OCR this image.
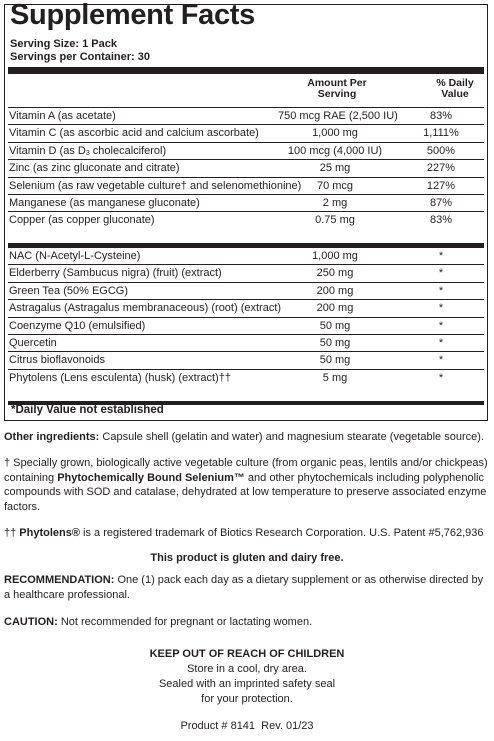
Supplement Facts
Serving Size: 1 Pack
Servings per Container: 30
Amount Per
Serving
% Daily
Value
Vitamin A (as acetate)	750 mcg RAE (2,500 IU)	83%
Vitamin C (as ascorbic acid and calcium ascorbate)	1,000 mg	1,111%
Vitamin D (as $D_3$ cholecalciferol)	100 mcg (4,000 IU)	500%
Zinc (as zinc gluconate and citrate)	25 mg	227%
Selenium (as raw vegetable culture† and selenomethionine)	70 mcg	127%
Manganese (as manganese gluconate)	2 mg	87%
Copper (as copper gluconate)	0.75 mg	83%
NAC (N-Acetyl-L-Cysteine)	1,000 mg	*
Elderberry (Sambucus nigra) (fruit) (extract)	250 mg	*
Green Tea (50% EGCG)	200 mg	*
Astragalus (Astragalus membranaceous) (root) (extract)	200 mg	*
Coenzyme Q10 (emulsified)	50 mg	*
Quercetin	50 mg	*
Citrus bioflavonoids	50 mg	*
Phytolens (Lens esculenta) (husk) (extract)††	5 mg	*
*Daily Value not established
Other ingredients: Capsule shell (gelatin and water) and magnesium stearate (vegetable source).
† Specially grown, biologically active vegetable culture (from organic peas, lentils and/or chickpeas) containing Phytochemically Bound Selenium™ and other phytochemicals including polyphenolic compounds with SOD and catalase, dehydrated at low temperature to preserve associated enzyme factors.
†† Phytolens® is a registered trademark of Biotics Research Corporation. U.S. Patent #5,762,936
This product is gluten and dairy free.
RECOMMENDATION: One (1) pack each day as a dietary supplement or as otherwise directed by a healthcare professional.
CAUTION: Not recommended for pregnant or lactating women.
KEEP OUT OF REACH OF CHILDREN
Store in a cool, dry area.
Sealed with an imprinted safety seal
for your protection.
Product # 8141  Rev. 01/23
